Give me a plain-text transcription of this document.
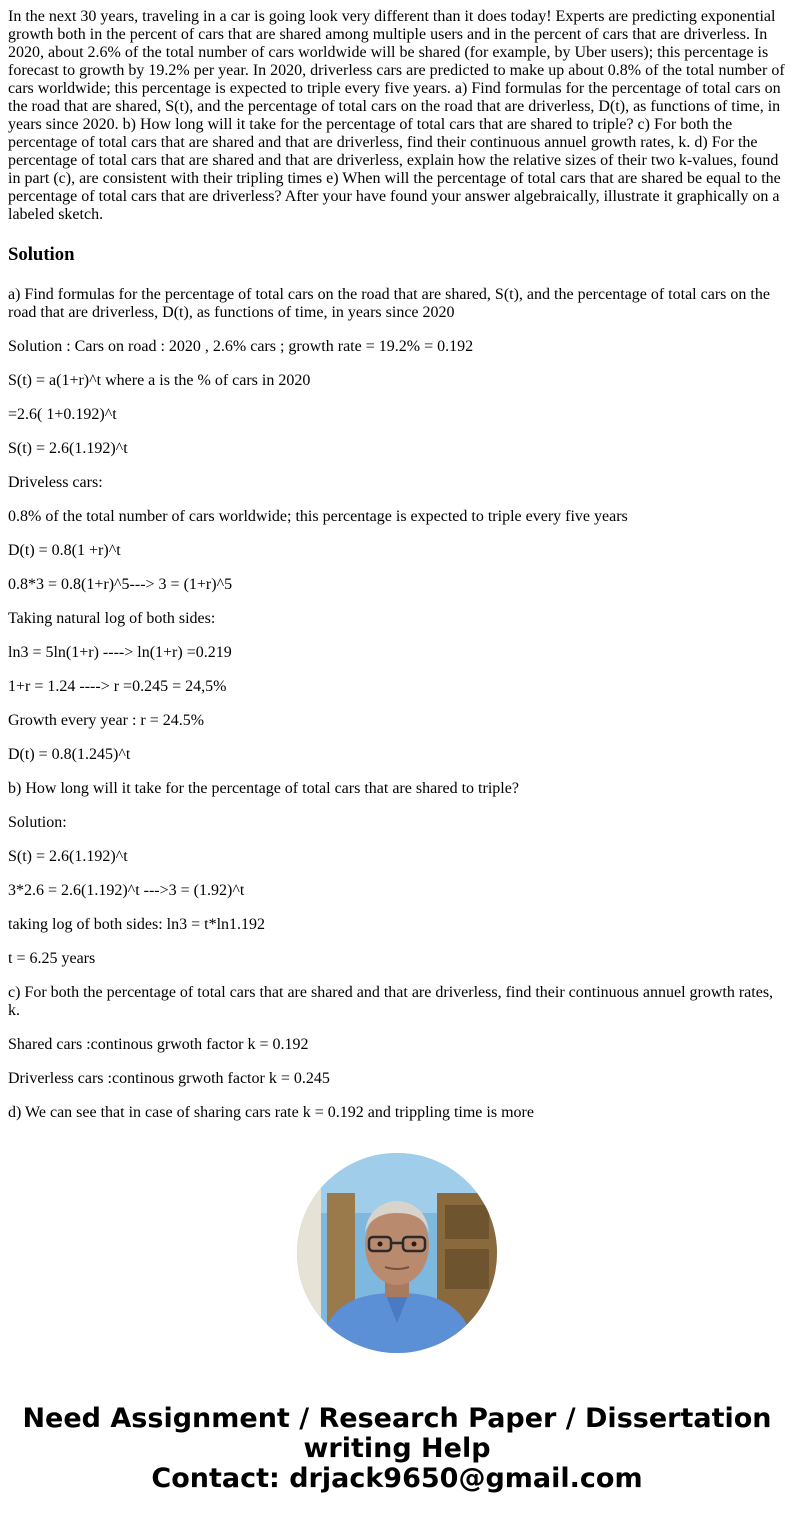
In the next 30 years, traveling in a car is going look very different than it does today! Experts are predicting exponential growth both in the percent of cars that are shared among multiple users and in the percent of cars that are driverless. In 2020, about 2.6% of the total number of cars worldwide will be shared (for example, by Uber users); this percentage is forecast to growth by 19.2% per year. In 2020, driverless cars are predicted to make up about 0.8% of the total number of cars worldwide; this percentage is expected to triple every five years. a) Find formulas for the percentage of total cars on the road that are shared, S(t), and the percentage of total cars on the road that are driverless, D(t), as functions of time, in years since 2020. b) How long will it take for the percentage of total cars that are shared to triple? c) For both the percentage of total cars that are shared and that are driverless, find their continuous annuel growth rates, k. d) For the percentage of total cars that are shared and that are driverless, explain how the relative sizes of their two k-values, found in part (c), are consistent with their tripling times e) When will the percentage of total cars that are shared be equal to the percentage of total cars that are driverless? After your have found your answer algebraically, illustrate it graphically on a labeled sketch.
Solution
a) Find formulas for the percentage of total cars on the road that are shared, S(t), and the percentage of total cars on the road that are driverless, D(t), as functions of time, in years since 2020
Solution : Cars on road : 2020 , 2.6% cars ; growth rate = 19.2% = 0.192
S(t) = a(1+r)^t where a is the % of cars in 2020
=2.6( 1+0.192)^t
S(t) = 2.6(1.192)^t
Driveless cars:
0.8% of the total number of cars worldwide; this percentage is expected to triple every five years
D(t) = 0.8(1 +r)^t
0.8*3 = 0.8(1+r)^5---> 3 = (1+r)^5
Taking natural log of both sides:
ln3 = 5ln(1+r) ----> ln(1+r) =0.219
1+r = 1.24 ----> r =0.245 = 24,5%
Growth every year : r = 24.5%
D(t) = 0.8(1.245)^t
b) How long will it take for the percentage of total cars that are shared to triple?
Solution:
S(t) = 2.6(1.192)^t
3*2.6 = 2.6(1.192)^t --->3 = (1.92)^t
taking log of both sides: ln3 = t*ln1.192
t = 6.25 years
c) For both the percentage of total cars that are shared and that are driverless, find their continuous annuel growth rates, k.
Shared cars :continous grwoth factor k = 0.192
Driverless cars :continous grwoth factor k = 0.245
d) We can see that in case of sharing cars rate k = 0.192 and trippling time is more
Need Assignment / Research Paper / Dissertation writing Help
Contact: drjack9650@gmail.com
